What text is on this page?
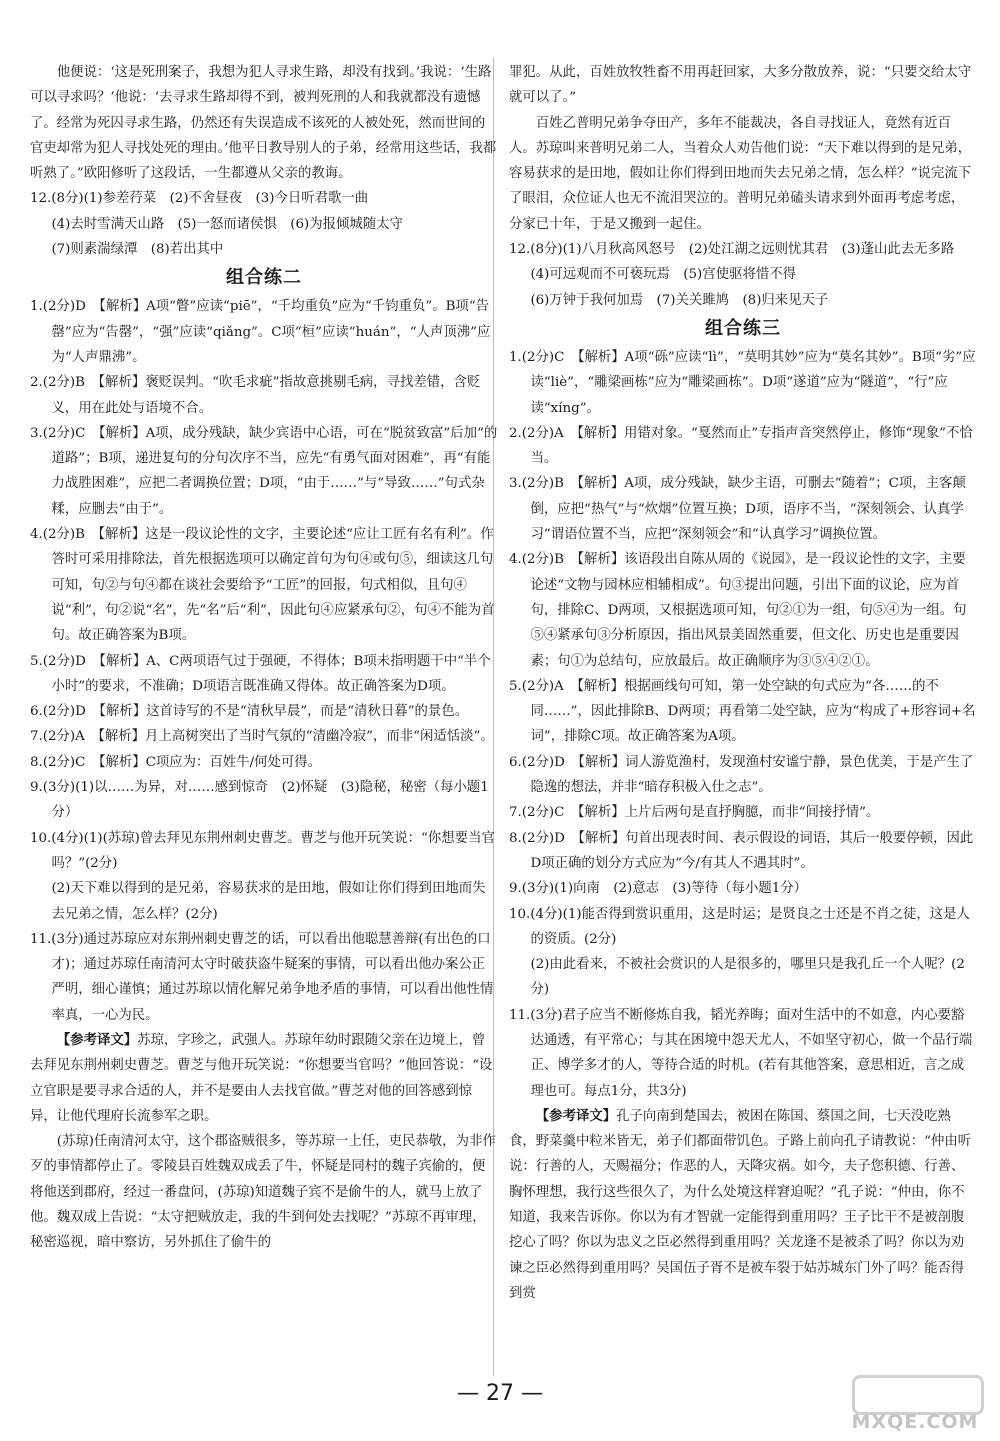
他便说：‘这是死刑案子，我想为犯人寻求生路，却没有找到。’我说：‘生路可以寻求吗？’他说：‘去寻求生路却得不到，被判死刑的人和我就都没有遗憾了。经常为死囚寻求生路，仍然还有失误造成不该死的人被处死，然而世间的官吏却常为犯人寻找处死的理由。’他平日教导别人的子弟，经常用这些话，我都听熟了。”欧阳修听了这段话，一生都遵从父亲的教诲。

12.(8分)(1)参差荇菜　(2)不舍昼夜　(3)今日听君歌一曲

(4)去时雪满天山路　(5)一怒而诸侯惧　(6)为报倾城随太守

(7)则素湍绿潭　(8)若出其中

组合练二

1.(2分)D　【解析】A项“瞥”应读“piē”，“千均重负”应为“千钧重负”。B项“告罄”应为“告罄”，“强”应读“qiǎng”。C项“桓”应读“huán”，“人声顶沸”应为“人声鼎沸”。

2.(2分)B　【解析】褒贬误判。“吹毛求疵”指故意挑剔毛病，寻找差错，含贬义，用在此处与语境不合。

3.(2分)C　【解析】A项，成分残缺，缺少宾语中心语，可在“脱贫致富”后加“的道路”；B项，递进复句的分句次序不当，应先“有勇气面对困难”，再“有能力战胜困难”，应把二者调换位置；D项，“由于……”与“导致……”句式杂糅，应删去“由于”。

4.(2分)B　【解析】这是一段议论性的文字，主要论述“应让工匠有名有利”。作答时可采用排除法，首先根据选项可以确定首句为句④或句⑤，细读这几句可知，句②与句④都在谈社会要给予“工匠”的回报，句式相似，且句④说“利”，句②说“名”，先“名”后“利”，因此句④应紧承句②，句④不能为首句。故正确答案为B项。

5.(2分)D　【解析】A、C两项语气过于强硬，不得体；B项未指明题干中“半个小时”的要求，不准确；D项语言既准确又得体。故正确答案为D项。

6.(2分)D　【解析】这首诗写的不是“清秋早晨”，而是“清秋日暮”的景色。

7.(2分)A　【解析】月上高树突出了当时气氛的“清幽冷寂”，而非“闲适恬淡”。

8.(2分)C　【解析】C项应为：百姓牛/何处可得。

9.(3分)(1)以……为异，对……感到惊奇　(2)怀疑　(3)隐秘，秘密（每小题1分）

10.(4分)(1)(苏琼)曾去拜见东荆州刺史曹芝。曹芝与他开玩笑说：“你想要当官吗？”(2分)

(2)天下难以得到的是兄弟，容易获求的是田地，假如让你们得到田地而失去兄弟之情，怎么样？(2分)

11.(3分)通过苏琼应对东荆州刺史曹芝的话，可以看出他聪慧善辩(有出色的口才)；通过苏琼任南清河太守时破获盗牛疑案的事情，可以看出他办案公正严明，细心谨慎；通过苏琼以情化解兄弟争地矛盾的事情，可以看出他性情率真，一心为民。

【参考译文】苏琼，字珍之，武强人。苏琼年幼时跟随父亲在边境上，曾去拜见东荆州刺史曹芝。曹芝与他开玩笑说：“你想要当官吗？”他回答说：“设立官职是要寻求合适的人，并不是要由人去找官做。”曹芝对他的回答感到惊异，让他代理府长流参军之职。

(苏琼)任南清河太守，这个郡盗贼很多，等苏琼一上任，吏民恭敬，为非作歹的事情都停止了。零陵县百姓魏双成丢了牛，怀疑是同村的魏子宾偷的，便将他送到郡府，经过一番盘问，(苏琼)知道魏子宾不是偷牛的人，就马上放了他。魏双成上告说：“太守把贼放走，我的牛到何处去找呢？”苏琼不再审理，秘密巡视，暗中察访，另外抓住了偷牛的

罪犯。从此，百姓放牧牲畜不用再赶回家，大多分散放养，说：“只要交给太守就可以了。”

百姓乙普明兄弟争夺田产，多年不能裁决，各自寻找证人，竟然有近百人。苏琼叫来普明兄弟二人，当着众人劝告他们说：“天下难以得到的是兄弟，容易获求的是田地，假如让你们得到田地而失去兄弟之情，怎么样？”说完流下了眼泪，众位证人也无不流泪哭泣的。普明兄弟磕头请求到外面再考虑考虑，分家已十年，于是又搬到一起住。

12.(8分)(1)八月秋高风怒号　(2)处江湖之远则忧其君　(3)蓬山此去无多路　(4)可远观而不可亵玩焉　(5)宫使驱将惜不得

(6)万钟于我何加焉　(7)关关雎鸠　(8)归来见天子

组合练三

1.(2分)C　【解析】A项“砾”应读“lì”，“莫明其妙”应为“莫名其妙”。B项“劣”应读“liè”，“雕梁画栋”应为“雕梁画栋”。D项“遂道”应为“隧道”，“行”应读“xíng”。

2.(2分)A　【解析】用错对象。“戛然而止”专指声音突然停止，修饰“现象”不恰当。

3.(2分)B　【解析】A项，成分残缺，缺少主语，可删去“随着”；C项，主客颠倒，应把“热气”与“炊烟”位置互换；D项，语序不当，“深刻领会、认真学习”谓语位置不当，应把“深刻领会”和“认真学习”调换位置。

4.(2分)B　【解析】该语段出自陈从周的《说园》，是一段议论性的文字，主要论述“文物与园林应相辅相成”。句③提出问题，引出下面的议论，应为首句，排除C、D两项，又根据选项可知，句②①为一组，句⑤④为一组。句⑤④紧承句③分析原因，指出风景美固然重要，但文化、历史也是重要因素；句①为总结句，应放最后。故正确顺序为③⑤④②①。

5.(2分)A　【解析】根据画线句可知，第一处空缺的句式应为“各……的不同……”，因此排除B、D两项；再看第二处空缺，应为“构成了+形容词+名词”，排除C项。故正确答案为A项。

6.(2分)D　【解析】词人游览渔村，发现渔村安谧宁静，景色优美，于是产生了隐逸的想法，并非“暗存积极入仕之志”。

7.(2分)C　【解析】上片后两句是直抒胸臆，而非“间接抒情”。

8.(2分)D　【解析】句首出现表时间、表示假设的词语，其后一般要停顿，因此D项正确的划分方式应为“今/有其人不遇其时”。

9.(3分)(1)向南　(2)意志　(3)等待（每小题1分）

10.(4分)(1)能否得到赏识重用，这是时运；是贤良之士还是不肖之徒，这是人的资质。(2分)

(2)由此看来，不被社会赏识的人是很多的，哪里只是我孔丘一个人呢？(2分)

11.(3分)君子应当不断修炼自我，韬光养晦；面对生活中的不如意，内心要豁达通透，有平常心；与其在困境中怨天尤人，不如坚守初心，做一个品行端正、博学多才的人，等待合适的时机。(若有其他答案，意思相近，言之成理也可。每点1分，共3分)

【参考译文】孔子向南到楚国去，被困在陈国、蔡国之间，七天没吃熟食，野菜羹中粒米皆无，弟子们都面带饥色。子路上前向孔子请教说：“仲由听说：行善的人，天赐福分；作恶的人，天降灾祸。如今，夫子您积德、行善、胸怀理想，我行这些很久了，为什么处境这样窘迫呢？”孔子说：“仲由，你不知道，我来告诉你。你以为有才智就一定能得到重用吗？王子比干不是被剖腹挖心了吗？你以为忠义之臣必然得到重用吗？关龙逢不是被杀了吗？你以为劝谏之臣必然得到重用吗？吴国伍子胥不是被车裂于姑苏城东门外了吗？能否得到赏

— 27 —
MXQE.COM
